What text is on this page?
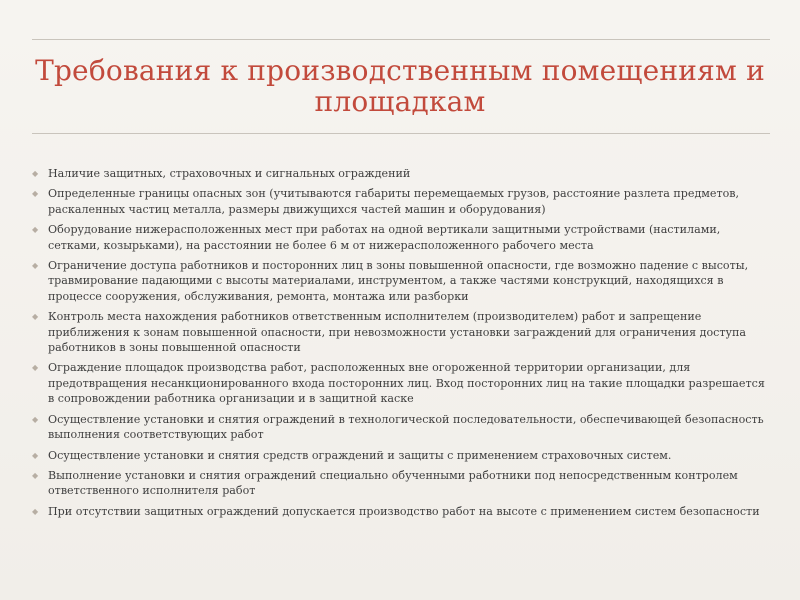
Требования к производственным помещениям и площадкам
◆ Наличие защитных, страховочных и сигнальных ограждений
◆ Определенные границы опасных зон (учитываются габариты перемещаемых грузов, расстояние разлета предметов, раскаленных частиц металла, размеры движущихся частей машин и оборудования)
◆ Оборудование нижерасположенных мест при работах на одной вертикали защитными устройствами (настилами, сетками, козырьками), на расстоянии не более 6 м от нижерасположенного рабочего места
◆ Ограничение доступа работников и посторонних лиц в зоны повышенной опасности, где возможно падение с высоты, травмирование падающими с высоты материалами, инструментом, а также частями конструкций, находящихся в процессе сооружения, обслуживания, ремонта, монтажа или разборки
◆ Контроль места нахождения работников ответственным исполнителем (производителем) работ и запрещение приближения к зонам повышенной опасности, при невозможности установки заграждений для ограничения доступа работников в зоны повышенной опасности
◆ Ограждение площадок производства работ, расположенных вне огороженной территории организации, для предотвращения несанкционированного входа посторонних лиц. Вход посторонних лиц на такие площадки разрешается в сопровождении работника организации и в защитной каске
◆ Осуществление установки и снятия ограждений в технологической последовательности, обеспечивающей безопасность выполнения соответствующих работ
◆ Осуществление установки и снятия средств ограждений и защиты с применением страховочных систем.
◆ Выполнение установки и снятия ограждений специально обученными работники под непосредственным контролем ответственного исполнителя работ
◆ При отсутствии защитных ограждений допускается производство работ на высоте с применением систем безопасности
